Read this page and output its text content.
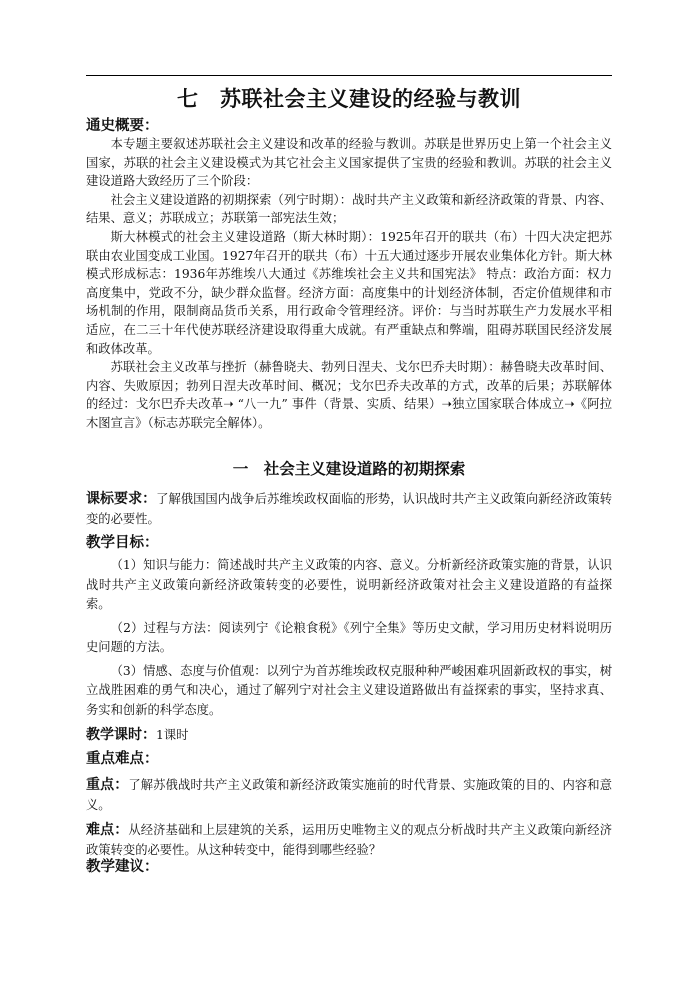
七　苏联社会主义建设的经验与教训
通史概要：

本专题主要叙述苏联社会主义建设和改革的经验与教训。苏联是世界历史上第一个社会主义国家，苏联的社会主义建设模式为其它社会主义国家提供了宝贵的经验和教训。苏联的社会主义建设道路大致经历了三个阶段：

社会主义建设道路的初期探索（列宁时期）：战时共产主义政策和新经济政策的背景、内容、结果、意义；苏联成立；苏联第一部宪法生效；

斯大林模式的社会主义建设道路（斯大林时期）：1925年召开的联共（布）十四大决定把苏联由农业国变成工业国。1927年召开的联共（布）十五大通过逐步开展农业集体化方针。斯大林模式形成标志：1936年苏维埃八大通过《苏维埃社会主义共和国宪法》 特点：政治方面：权力高度集中，党政不分，缺少群众监督。经济方面：高度集中的计划经济体制，否定价值规律和市场机制的作用，限制商品货币关系，用行政命令管理经济。评价：与当时苏联生产力发展水平相适应，在二三十年代使苏联经济建设取得重大成就。有严重缺点和弊端，阻碍苏联国民经济发展和政体改革。

苏联社会主义改革与挫折（赫鲁晓夫、勃列日涅夫、戈尔巴乔夫时期）：赫鲁晓夫改革时间、内容、失败原因；勃列日涅夫改革时间、概况；戈尔巴乔夫改革的方式，改革的后果；苏联解体的经过：戈尔巴乔夫改革➝ “八一九” 事件（背景、实质、结果）➝独立国家联合体成立➝《阿拉木图宣言》（标志苏联完全解体）。

一　社会主义建设道路的初期探索

课标要求：了解俄国国内战争后苏维埃政权面临的形势，认识战时共产主义政策向新经济政策转变的必要性。

教学目标：

（1）知识与能力：简述战时共产主义政策的内容、意义。分析新经济政策实施的背景，认识战时共产主义政策向新经济政策转变的必要性，说明新经济政策对社会主义建设道路的有益探索。

（2）过程与方法：阅读列宁《论粮食税》《列宁全集》等历史文献，学习用历史材料说明历史问题的方法。

（3）情感、态度与价值观：以列宁为首苏维埃政权克服种种严峻困难巩固新政权的事实，树立战胜困难的勇气和决心，通过了解列宁对社会主义建设道路做出有益探索的事实，坚持求真、务实和创新的科学态度。

教学课时：1课时

重点难点：

重点：了解苏俄战时共产主义政策和新经济政策实施前的时代背景、实施政策的目的、内容和意义。

难点：从经济基础和上层建筑的关系，运用历史唯物主义的观点分析战时共产主义政策向新经济政策转变的必要性。从这种转变中，能得到哪些经验？

教学建议：
